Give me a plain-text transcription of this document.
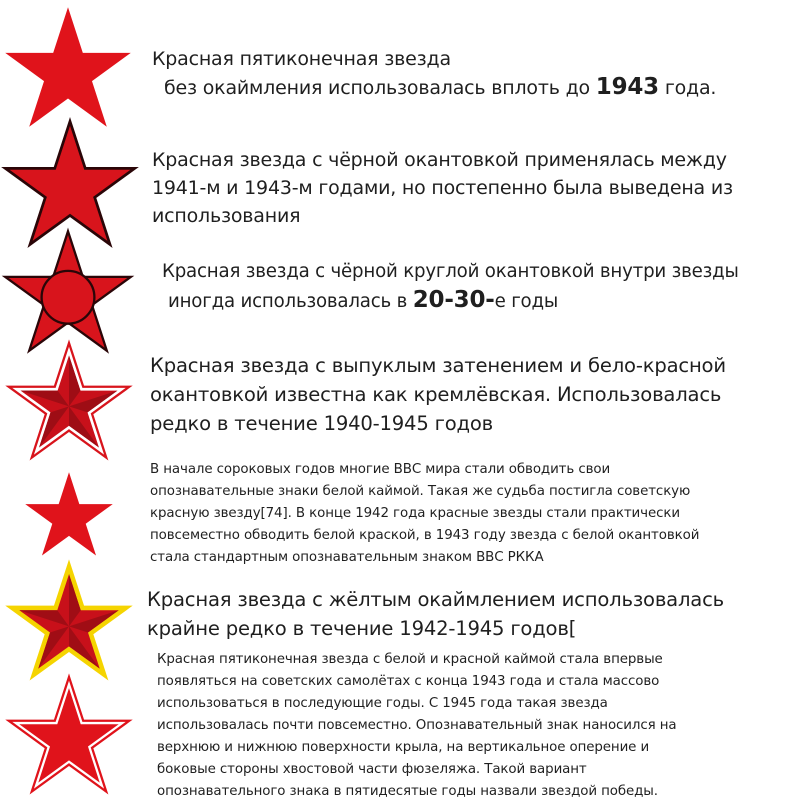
Красная пятиконечная звезда
без окаймления использовалась вплоть до 1943 года.
Красная звезда с чёрной окантовкой применялась между
1941-м и 1943-м годами, но постепенно была выведена из
использования
Красная звезда с чёрной круглой окантовкой внутри звезды
иногда использовалась в 20-30-е годы
Красная звезда с выпуклым затенением и бело-красной
окантовкой известна как кремлёвская. Использовалась
редко в течение 1940-1945 годов
В начале сороковых годов многие ВВС мира стали обводить свои
опознавательные знаки белой каймой. Такая же судьба постигла советскую
красную звезду[74]. В конце 1942 года красные звезды стали практически
повсеместно обводить белой краской, в 1943 году звезда с белой окантовкой
стала стандартным опознавательным знаком ВВС РККА
Красная звезда с жёлтым окаймлением использовалась
крайне редко в течение 1942-1945 годов[
Красная пятиконечная звезда с белой и красной каймой стала впервые
появляться на советских самолётах с конца 1943 года и стала массово
использоваться в последующие годы. С 1945 года такая звезда
использовалась почти повсеместно. Опознавательный знак наносился на
верхнюю и нижнюю поверхности крыла, на вертикальное оперение и
боковые стороны хвостовой части фюзеляжа. Такой вариант
опознавательного знака в пятидесятые годы назвали звездой победы.
